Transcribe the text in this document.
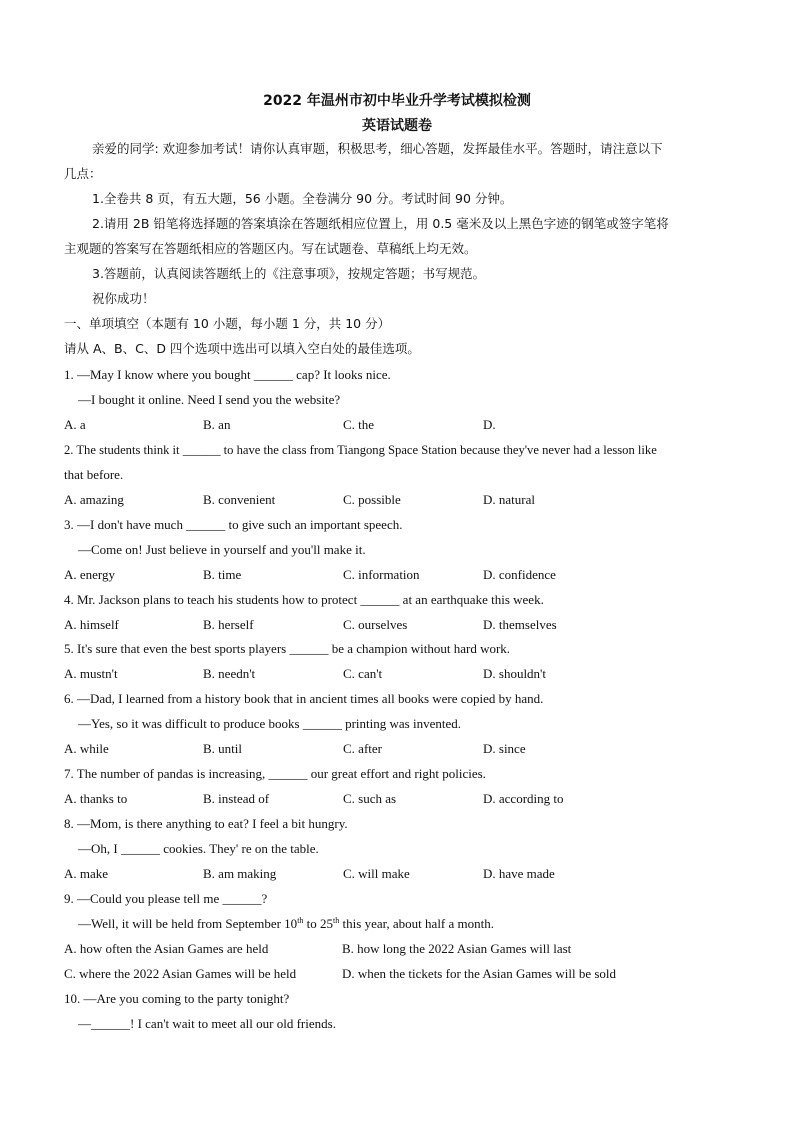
2022 年温州市初中毕业升学考试模拟检测
英语试题卷
亲爱的同学: 欢迎参加考试！请你认真审题，积极思考，细心答题，发挥最佳水平。答题时，请注意以下
几点：
1.全卷共 8 页，有五大题，56 小题。全卷满分 90 分。考试时间 90 分钟。
2.请用 2B 铅笔将选择题的答案填涂在答题纸相应位置上，用 0.5 毫米及以上黑色字迹的钢笔或签字笔将
主观题的答案写在答题纸相应的答题区内。写在试题卷、草稿纸上均无效。
3.答题前，认真阅读答题纸上的《注意事项》，按规定答题；书写规范。
祝你成功！
一、单项填空（本题有 10 小题，每小题 1 分，共 10 分）
请从 A、B、C、D 四个选项中选出可以填入空白处的最佳选项。
1. —May I know where you bought ______ cap? It looks nice.
—I bought it online. Need I send you the website?
A. a	B. an	C. the	D.
2. The students think it ______ to have the class from Tiangong Space Station because they've never had a lesson like
that before.
A. amazing	B. convenient	C. possible	D. natural
3. —I don't have much ______ to give such an important speech.
—Come on! Just believe in yourself and you'll make it.
A. energy	B. time	C. information	D. confidence
4. Mr. Jackson plans to teach his students how to protect ______ at an earthquake this week.
A. himself	B. herself	C. ourselves	D. themselves
5. It's sure that even the best sports players ______ be a champion without hard work.
A. mustn't	B. needn't	C. can't	D. shouldn't
6. —Dad, I learned from a history book that in ancient times all books were copied by hand.
—Yes, so it was difficult to produce books ______ printing was invented.
A. while	B. until	C. after	D. since
7. The number of pandas is increasing, ______ our great effort and right policies.
A. thanks to	B. instead of	C. such as	D. according to
8. —Mom, is there anything to eat? I feel a bit hungry.
—Oh, I ______ cookies. They' re on the table.
A. make	B. am making	C. will make	D. have made
9. —Could you please tell me ______?
—Well, it will be held from September 10th to 25th this year, about half a month.
A. how often the Asian Games are held	B. how long the 2022 Asian Games will last
C. where the 2022 Asian Games will be held	D. when the tickets for the Asian Games will be sold
10. —Are you coming to the party tonight?
—______! I can't wait to meet all our old friends.
